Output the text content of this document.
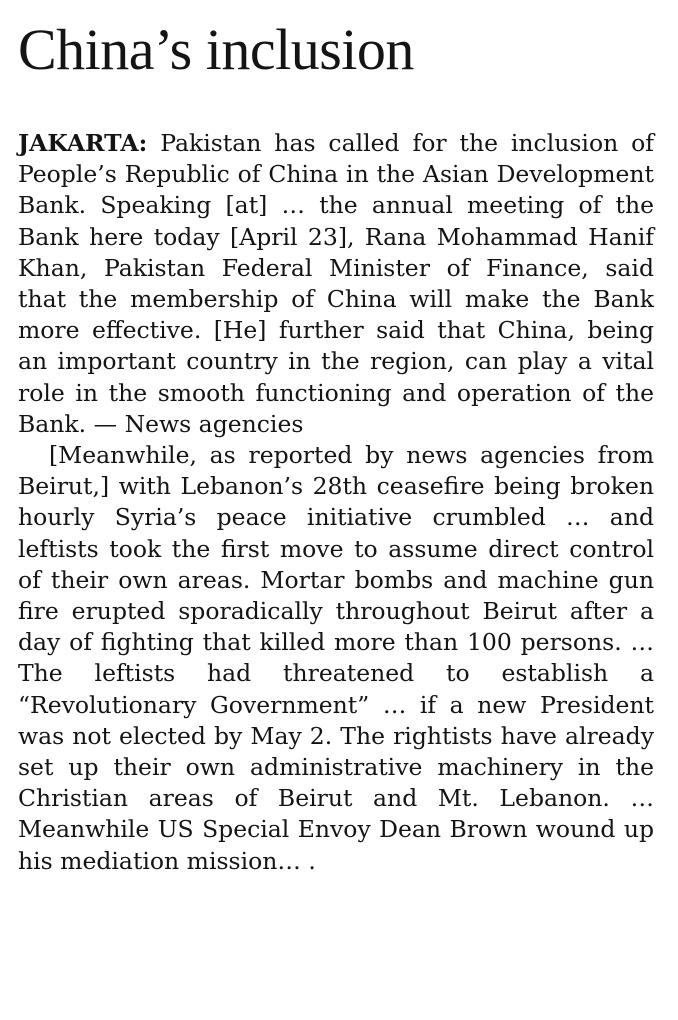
China’s inclusion

JAKARTA: Pakistan has called for the inclusion of People’s Republic of China in the Asian Development Bank. Speaking [at] … the annual meeting of the Bank here today [April 23], Rana Mohammad Hanif Khan, Pakistan Federal Minister of Finance, said that the membership of China will make the Bank more effective. [He] further said that China, being an important country in the region, can play a vital role in the smooth functioning and operation of the Bank. — News agencies

[Meanwhile, as reported by news agencies from Beirut,] with Lebanon’s 28th ceasefire being broken hourly Syria’s peace initiative crumbled … and leftists took the first move to assume direct control of their own areas. Mortar bombs and machine gun fire erupted sporadically throughout Beirut after a day of fighting that killed more than 100 persons. … The leftists had threatened to establish a “Revolutionary Government” … if a new President was not elected by May 2. The rightists have already set up their own administrative machinery in the Christian areas of Beirut and Mt. Lebanon. … Meanwhile US Special Envoy Dean Brown wound up his mediation mission… .
